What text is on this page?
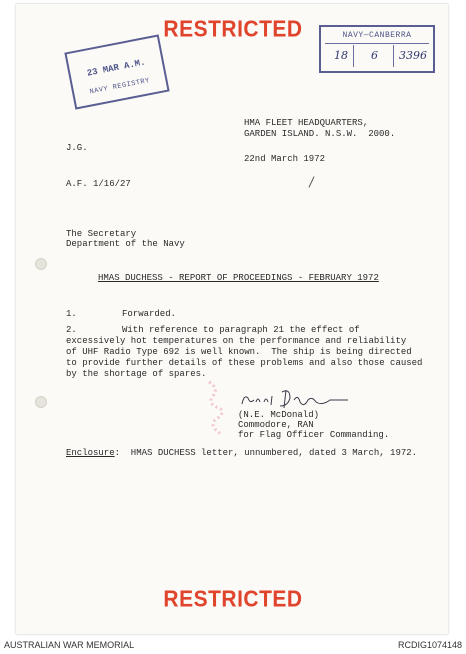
RESTRICTED
23 MAR A.M.
NAVY REGISTRY
NAVY—CANBERRA
18 6 3396
HMA FLEET HEADQUARTERS,
GARDEN ISLAND. N.S.W.  2000.
J.G.
22nd March 1972
A.F. 1/16/27
The Secretary
Department of the Navy
HMAS DUCHESS - REPORT OF PROCEEDINGS - FEBRUARY 1972
1.	Forwarded.
2.	With reference to paragraph 21 the effect of
excessively hot temperatures on the performance and reliability
of UHF Radio Type 692 is well known.  The ship is being directed
to provide further details of these problems and also those caused
by the shortage of spares.
(N.E. McDonald)
Commodore, RAN
for Flag Officer Commanding.
Enclosure:  HMAS DUCHESS letter, unnumbered, dated 3 March, 1972.
RESTRICTED
AUSTRALIAN WAR MEMORIAL	RCDIG1074148
